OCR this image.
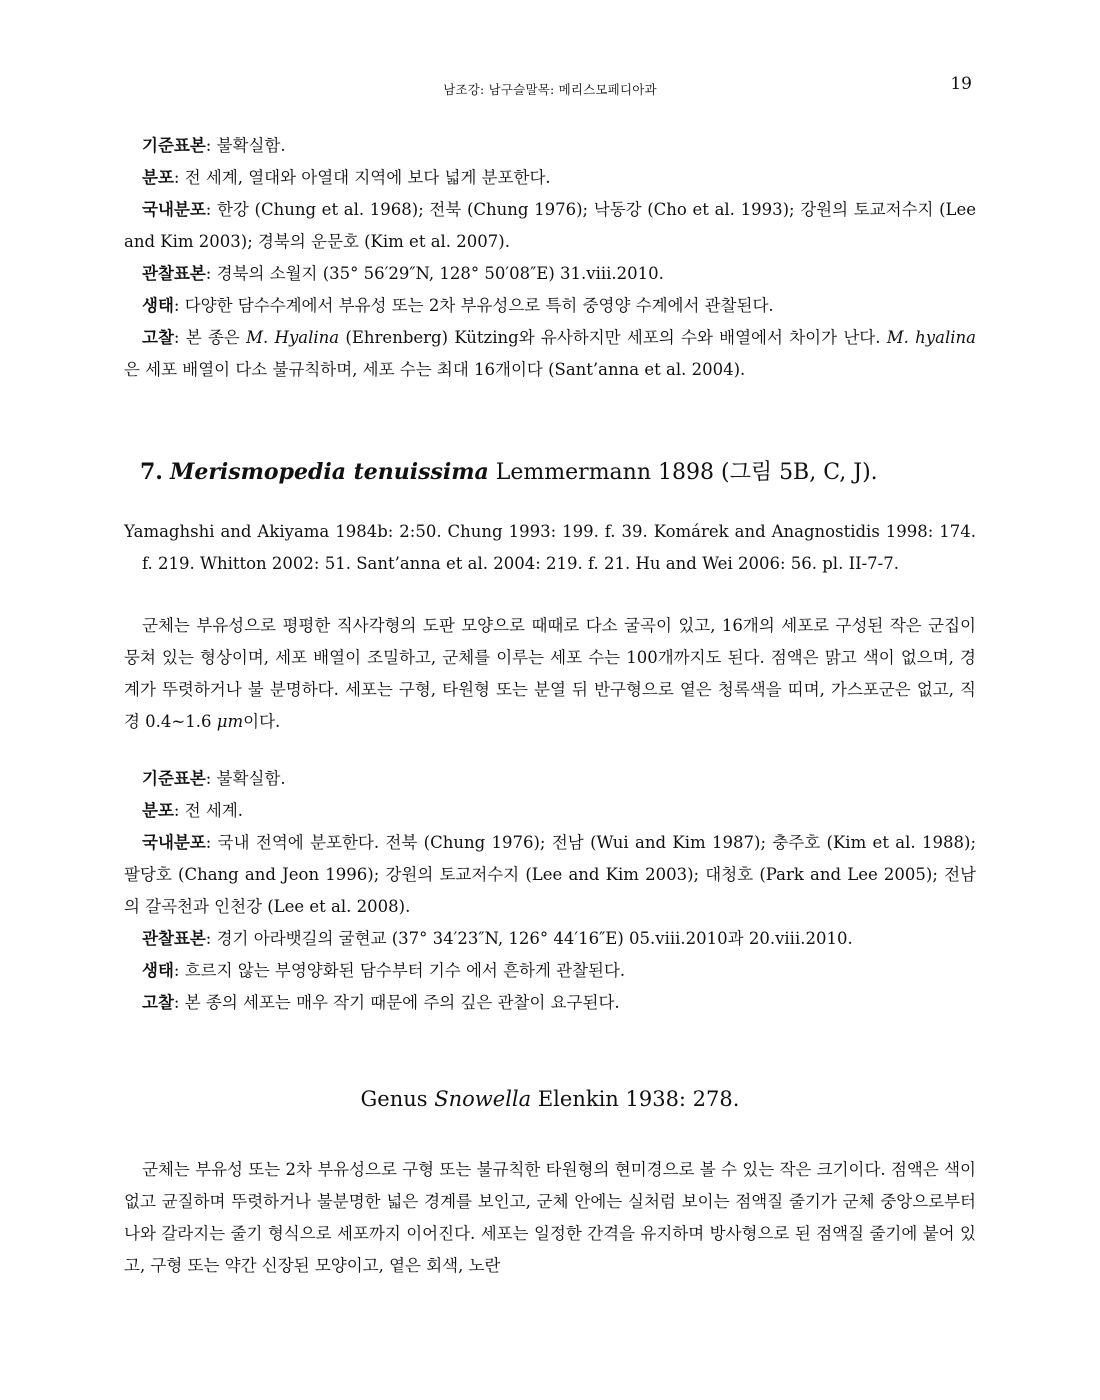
남조강: 남구슬말목: 메리스모페디아과	19

기준표본: 불확실함.

분포: 전 세계, 열대와 아열대 지역에 보다 넓게 분포한다.

국내분포: 한강 (Chung et al. 1968); 전북 (Chung 1976); 낙동강 (Cho et al. 1993); 강원의 토교저수지 (Lee and Kim 2003); 경북의 운문호 (Kim et al. 2007).

관찰표본: 경북의 소월지 (35° 56′29″N, 128° 50′08″E) 31.viii.2010.

생태: 다양한 담수수계에서 부유성 또는 2차 부유성으로 특히 중영양 수계에서 관찰된다.

고찰: 본 종은 M. Hyalina (Ehrenberg) Kützing와 유사하지만 세포의 수와 배열에서 차이가 난다. M. hyalina은 세포 배열이 다소 불규칙하며, 세포 수는 최대 16개이다 (Sant’anna et al. 2004).

7. Merismopedia tenuissima Lemmermann 1898 (그림 5B, C, J).

Yamaghshi and Akiyama 1984b: 2:50. Chung 1993: 199. f. 39. Komárek and Anagnostidis 1998: 174. f. 219. Whitton 2002: 51. Sant’anna et al. 2004: 219. f. 21. Hu and Wei 2006: 56. pl. II-7-7.

군체는 부유성으로 평평한 직사각형의 도판 모양으로 때때로 다소 굴곡이 있고, 16개의 세포로 구성된 작은 군집이 뭉쳐 있는 형상이며, 세포 배열이 조밀하고, 군체를 이루는 세포 수는 100개까지도 된다. 점액은 맑고 색이 없으며, 경계가 뚜렷하거나 불 분명하다. 세포는 구형, 타원형 또는 분열 뒤 반구형으로 옅은 청록색을 띠며, 가스포군은 없고, 직경 0.4~1.6 μm이다.

기준표본: 불확실함.

분포: 전 세계.

국내분포: 국내 전역에 분포한다. 전북 (Chung 1976); 전남 (Wui and Kim 1987); 충주호 (Kim et al. 1988); 팔당호 (Chang and Jeon 1996); 강원의 토교저수지 (Lee and Kim 2003); 대청호 (Park and Lee 2005); 전남의 갈곡천과 인천강 (Lee et al. 2008).

관찰표본: 경기 아라뱃길의 굴현교 (37° 34′23″N, 126° 44′16″E) 05.viii.2010과 20.viii.2010.

생태: 흐르지 않는 부영양화된 담수부터 기수 에서 흔하게 관찰된다.

고찰: 본 종의 세포는 매우 작기 때문에 주의 깊은 관찰이 요구된다.

Genus Snowella Elenkin 1938: 278.

군체는 부유성 또는 2차 부유성으로 구형 또는 불규칙한 타원형의 현미경으로 볼 수 있는 작은 크기이다. 점액은 색이 없고 균질하며 뚜렷하거나 불분명한 넓은 경계를 보인고, 군체 안에는 실처럼 보이는 점액질 줄기가 군체 중앙으로부터 나와 갈라지는 줄기 형식으로 세포까지 이어진다. 세포는 일정한 간격을 유지하며 방사형으로 된 점액질 줄기에 붙어 있고, 구형 또는 약간 신장된 모양이고, 옅은 회색, 노란
